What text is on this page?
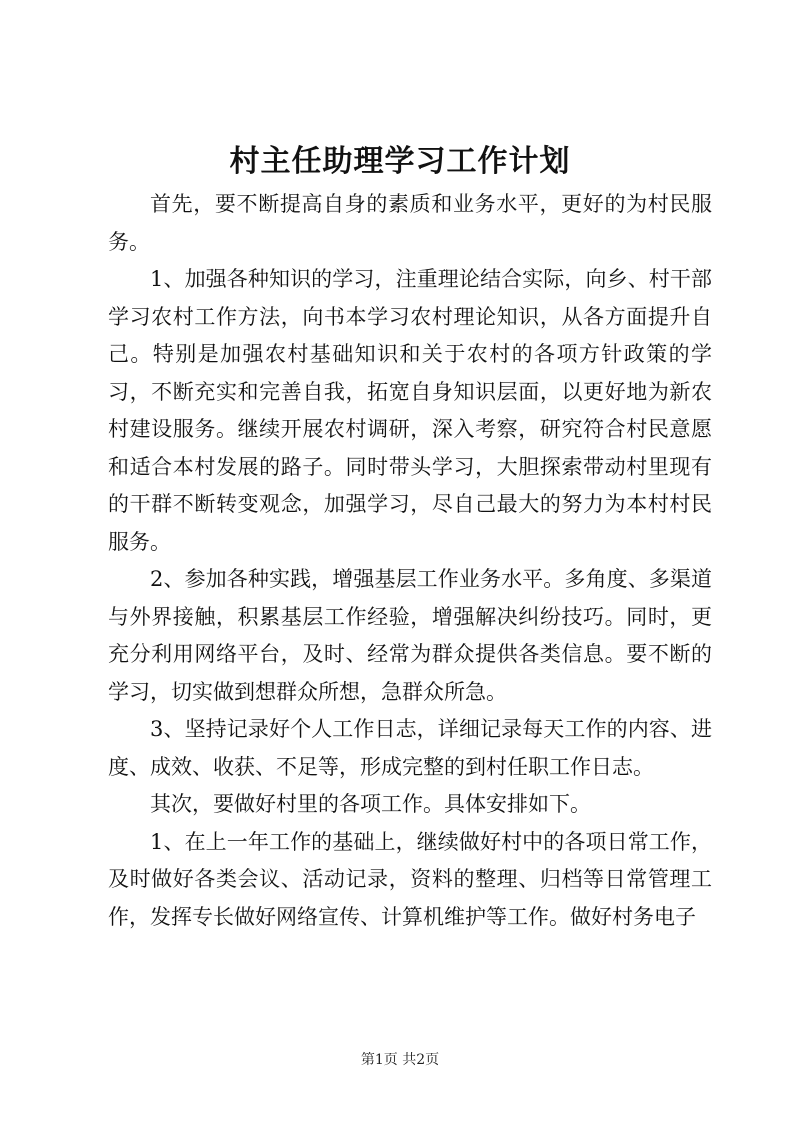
村主任助理学习工作计划

首先，要不断提高自身的素质和业务水平，更好的为村民服务。

1、加强各种知识的学习，注重理论结合实际，向乡、村干部学习农村工作方法，向书本学习农村理论知识，从各方面提升自己。特别是加强农村基础知识和关于农村的各项方针政策的学习，不断充实和完善自我，拓宽自身知识层面，以更好地为新农村建设服务。继续开展农村调研，深入考察，研究符合村民意愿和适合本村发展的路子。同时带头学习，大胆探索带动村里现有的干群不断转变观念，加强学习，尽自己最大的努力为本村村民服务。

2、参加各种实践，增强基层工作业务水平。多角度、多渠道与外界接触，积累基层工作经验，增强解决纠纷技巧。同时，更充分利用网络平台，及时、经常为群众提供各类信息。要不断的学习，切实做到想群众所想，急群众所急。

3、坚持记录好个人工作日志，详细记录每天工作的内容、进度、成效、收获、不足等，形成完整的到村任职工作日志。

其次，要做好村里的各项工作。具体安排如下。

1、在上一年工作的基础上，继续做好村中的各项日常工作，及时做好各类会议、活动记录，资料的整理、归档等日常管理工作，发挥专长做好网络宣传、计算机维护等工作。做好村务电子

第1页 共2页
